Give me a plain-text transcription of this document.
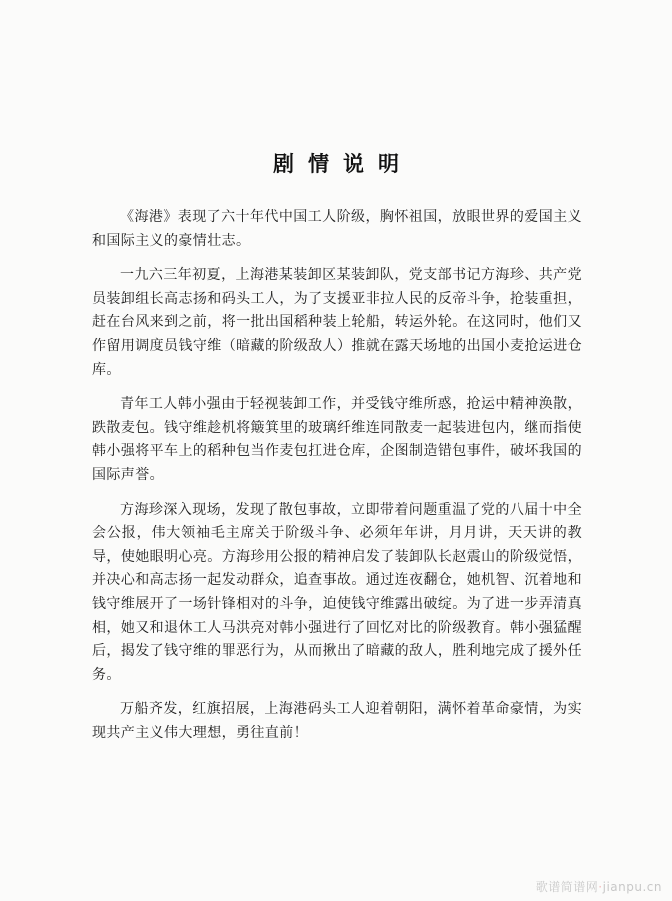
剧情说明

《海港》表现了六十年代中国工人阶级，胸怀祖国，放眼世界的爱国主义和国际主义的豪情壮志。

一九六三年初夏，上海港某装卸区某装卸队，党支部书记方海珍、共产党员装卸组长高志扬和码头工人，为了支援亚非拉人民的反帝斗争，抢装重担，赶在台风来到之前，将一批出国稻种装上轮船，转运外轮。在这同时，他们又作留用调度员钱守维（暗藏的阶级敌人）推就在露天场地的出国小麦抢运进仓库。

青年工人韩小强由于轻视装卸工作，并受钱守维所惑，抢运中精神涣散，跌散麦包。钱守维趁机将簸箕里的玻璃纤维连同散麦一起装进包内，继而指使韩小强将平车上的稻种包当作麦包扛进仓库，企图制造错包事件，破坏我国的国际声誉。

方海珍深入现场，发现了散包事故，立即带着问题重温了党的八届十中全会公报，伟大领袖毛主席关于阶级斗争、必须年年讲，月月讲，天天讲的教导，使她眼明心亮。方海珍用公报的精神启发了装卸队长赵震山的阶级觉悟，并决心和高志扬一起发动群众，追查事故。通过连夜翻仓，她机智、沉着地和钱守维展开了一场针锋相对的斗争，迫使钱守维露出破绽。为了进一步弄清真相，她又和退休工人马洪亮对韩小强进行了回忆对比的阶级教育。韩小强猛醒后，揭发了钱守维的罪恶行为，从而揪出了暗藏的敌人，胜利地完成了援外任务。

万船齐发，红旗招展，上海港码头工人迎着朝阳，满怀着革命豪情，为实现共产主义伟大理想，勇往直前！

歌谱简谱网·jianpu.cn
